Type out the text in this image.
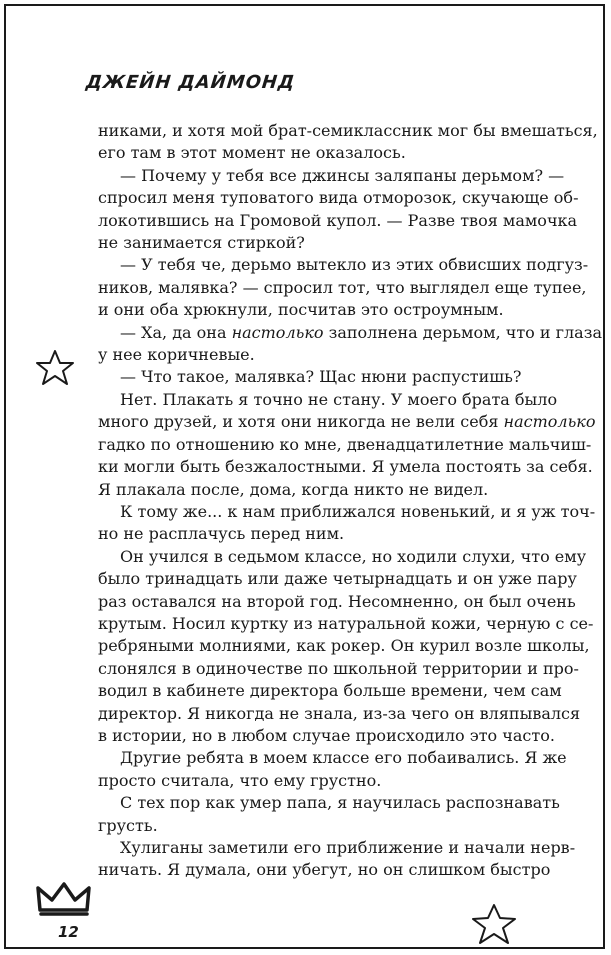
ДЖЕЙН ДАЙМОНД
никами, и хотя мой брат-семиклассник мог бы вмешаться,
его там в этот момент не оказалось.
— Почему у тебя все джинсы заляпаны дерьмом? —
спросил меня туповатого вида отморозок, скучающе об-
локотившись на Громовой купол. — Разве твоя мамочка
не занимается стиркой?
— У тебя че, дерьмо вытекло из этих обвисших подгуз-
ников, малявка? — спросил тот, что выглядел еще тупее,
и они оба хрюкнули, посчитав это остроумным.
— Ха, да она настолько заполнена дерьмом, что и глаза
у нее коричневые.
— Что такое, малявка? Щас нюни распустишь?
Нет. Плакать я точно не стану. У моего брата было
много друзей, и хотя они никогда не вели себя настолько
гадко по отношению ко мне, двенадцатилетние мальчиш-
ки могли быть безжалостными. Я умела постоять за себя.
Я плакала после, дома, когда никто не видел.
К тому же... к нам приближался новенький, и я уж точ-
но не расплачусь перед ним.
Он учился в седьмом классе, но ходили слухи, что ему
было тринадцать или даже четырнадцать и он уже пару
раз оставался на второй год. Несомненно, он был очень
крутым. Носил куртку из натуральной кожи, черную с се-
ребряными молниями, как рокер. Он курил возле школы,
слонялся в одиночестве по школьной территории и про-
водил в кабинете директора больше времени, чем сам
директор. Я никогда не знала, из-за чего он вляпывался
в истории, но в любом случае происходило это часто.
Другие ребята в моем классе его побаивались. Я же
просто считала, что ему грустно.
С тех пор как умер папа, я научилась распознавать
грусть.
Хулиганы заметили его приближение и начали нерв-
ничать. Я думала, они убегут, но он слишком быстро
12
